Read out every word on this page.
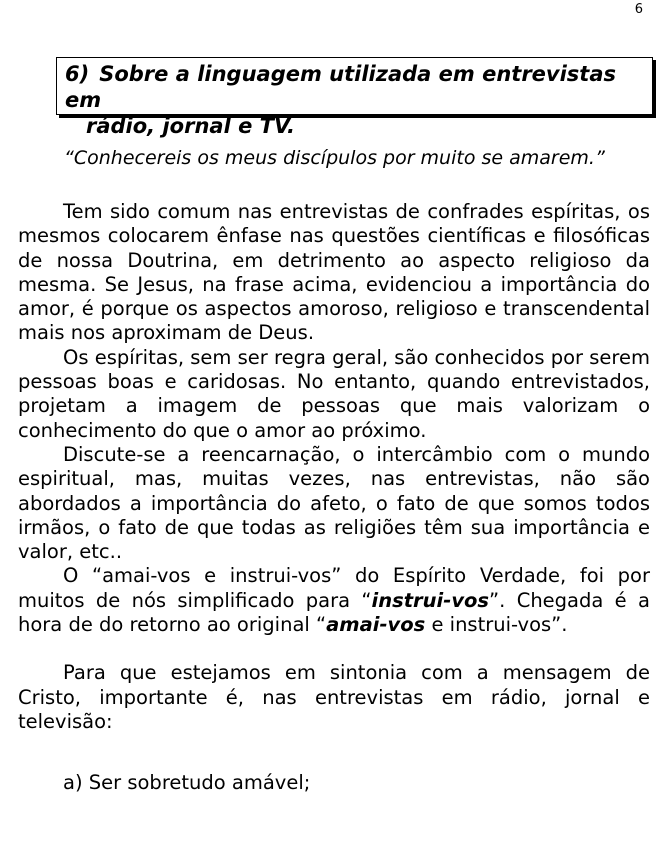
6
6) Sobre a linguagem utilizada em entrevistas em
rádio, jornal e TV.
“Conhecereis os meus discípulos por muito se amarem.”

Tem sido comum nas entrevistas de confrades espíritas, os mesmos colocarem ênfase nas questões científicas e filosóficas de nossa Doutrina, em detrimento ao aspecto religioso da mesma. Se Jesus, na frase acima, evidenciou a importância do amor, é porque os aspectos amoroso, religioso e transcendental mais nos aproximam de Deus.

Os espíritas, sem ser regra geral, são conhecidos por serem pessoas boas e caridosas. No entanto, quando entrevistados, projetam a imagem de pessoas que mais valorizam o conhecimento do que o amor ao próximo.

Discute-se a reencarnação, o intercâmbio com o mundo espiritual, mas, muitas vezes, nas entrevistas, não são abordados a importância do afeto, o fato de que somos todos irmãos, o fato de que todas as religiões têm sua importância e valor, etc..

O “amai-vos e instrui-vos” do Espírito Verdade, foi por muitos de nós simplificado para “instrui-vos”. Chegada é a hora de do retorno ao original “amai-vos e instrui-vos”.

Para que estejamos em sintonia com a mensagem de Cristo, importante é, nas entrevistas em rádio, jornal e televisão:

a) Ser sobretudo amável;
